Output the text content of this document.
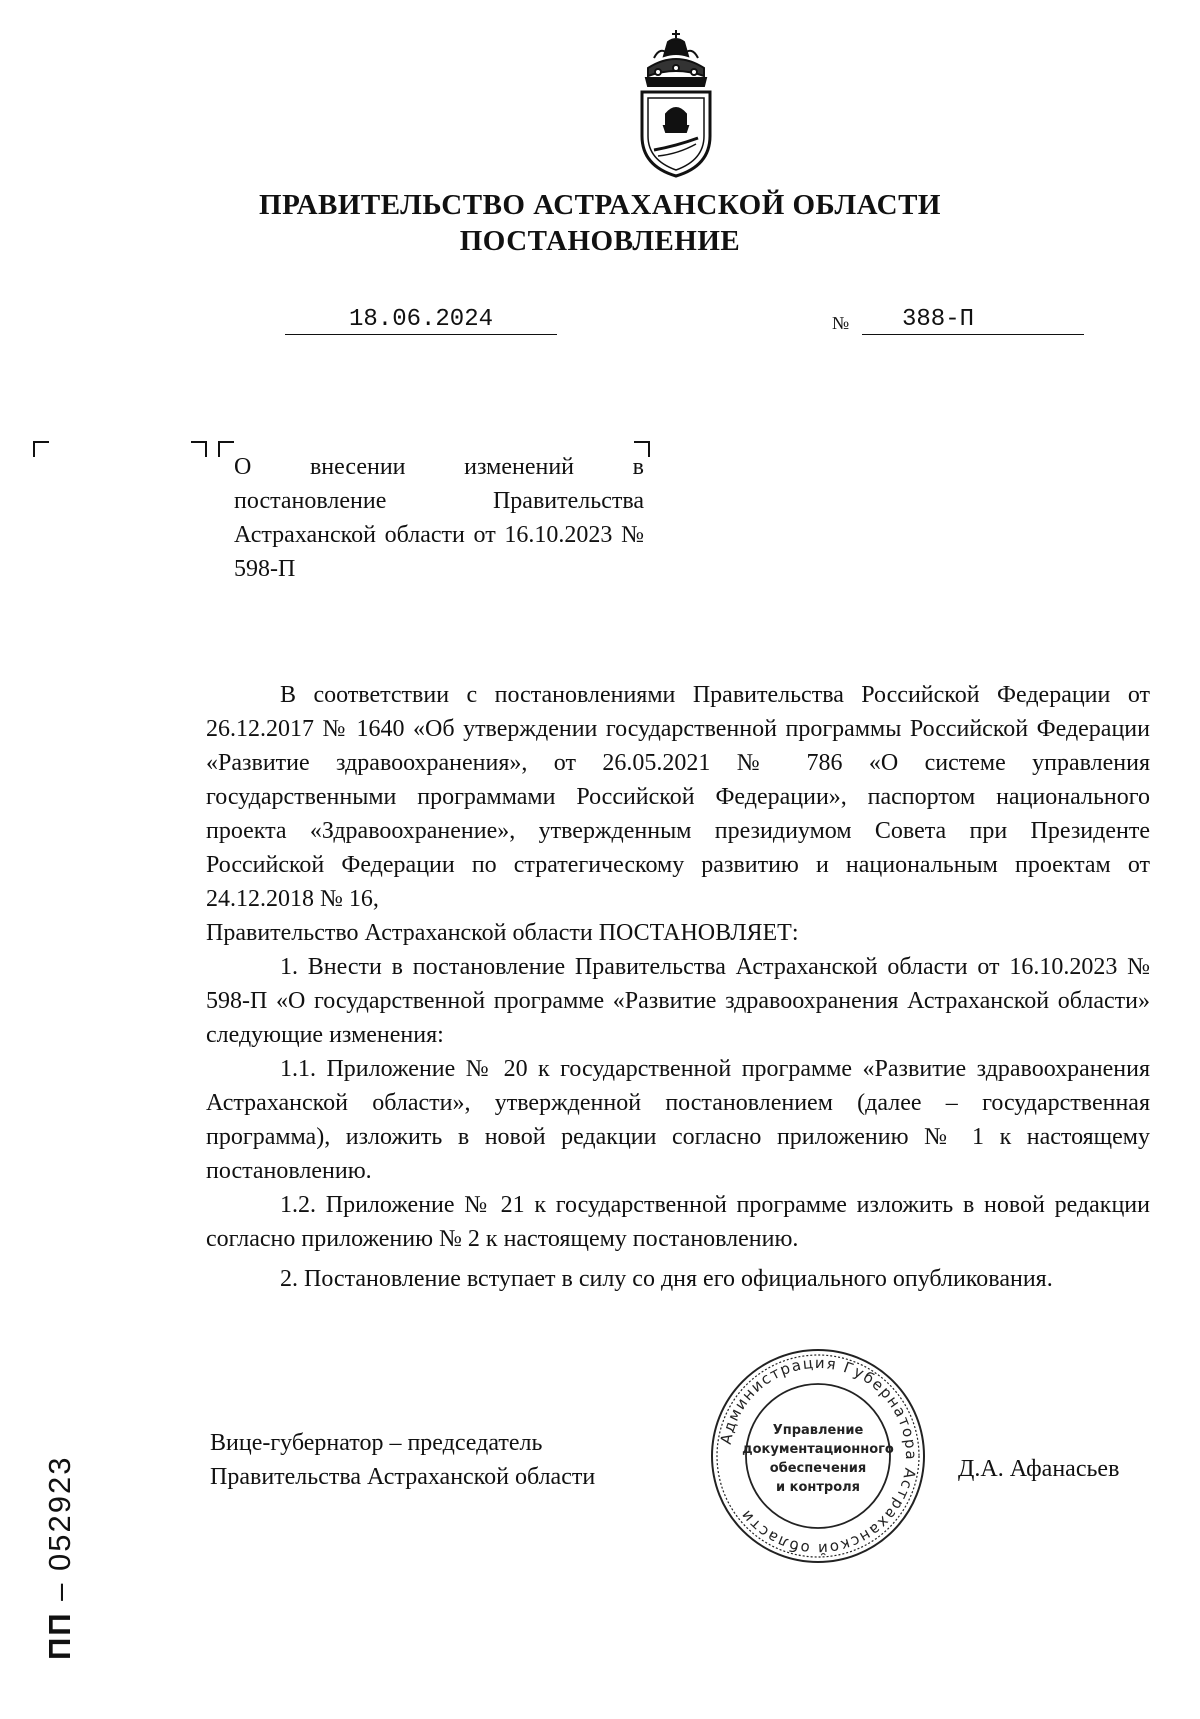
ПРАВИТЕЛЬСТВО АСТРАХАНСКОЙ ОБЛАСТИ
ПОСТАНОВЛЕНИЕ
18.06.2024	№ 388-П
О внесении изменений в постановление Правительства Астраханской области от 16.10.2023 № 598-П

В соответствии с постановлениями Правительства Российской Федерации от 26.12.2017 № 1640 «Об утверждении государственной программы Российской Федерации «Развитие здравоохранения», от 26.05.2021 № 786 «О системе управления государственными программами Российской Федерации», паспортом национального проекта «Здравоохранение», утвержденным президиумом Совета при Президенте Российской Федерации по стратегическому развитию и национальным проектам от 24.12.2018 № 16,

Правительство Астраханской области ПОСТАНОВЛЯЕТ:

1. Внести в постановление Правительства Астраханской области от 16.10.2023 № 598-П «О государственной программе «Развитие здравоохранения Астраханской области» следующие изменения:

1.1. Приложение № 20 к государственной программе «Развитие здравоохранения Астраханской области», утвержденной постановлением (далее – государственная программа), изложить в новой редакции согласно приложению № 1 к настоящему постановлению.

1.2. Приложение № 21 к государственной программе изложить в новой редакции согласно приложению № 2 к настоящему постановлению.

2. Постановление вступает в силу со дня его официального опубликования.

Вице-губернатор – председатель
Правительства Астраханской области
Администрация Губернатора Астраханской области
Управление
документационного
обеспечения
и контроля
Д.А. Афанасьев
ПП – 052923
